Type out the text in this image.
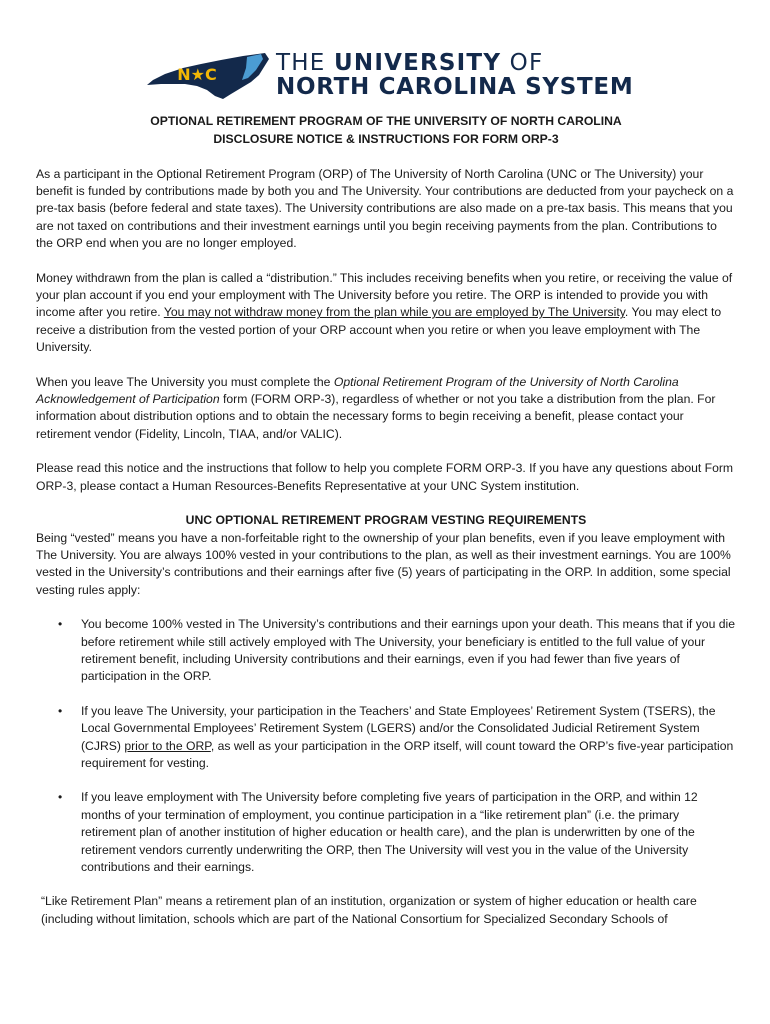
N★C	THE UNIVERSITY OF
NORTH CAROLINA SYSTEM

OPTIONAL RETIREMENT PROGRAM OF THE UNIVERSITY OF NORTH CAROLINA

DISCLOSURE NOTICE & INSTRUCTIONS FOR FORM ORP-3

As a participant in the Optional Retirement Program (ORP) of The University of North Carolina (UNC or The University) your benefit is funded by contributions made by both you and The University. Your contributions are deducted from your paycheck on a pre-tax basis (before federal and state taxes). The University contributions are also made on a pre-tax basis. This means that you are not taxed on contributions and their investment earnings until you begin receiving payments from the plan. Contributions to the ORP end when you are no longer employed.

Money withdrawn from the plan is called a “distribution.” This includes receiving benefits when you retire, or receiving the value of your plan account if you end your employment with The University before you retire. The ORP is intended to provide you with income after you retire. You may not withdraw money from the plan while you are employed by The University. You may elect to receive a distribution from the vested portion of your ORP account when you retire or when you leave employment with The University.

When you leave The University you must complete the Optional Retirement Program of the University of North Carolina Acknowledgement of Participation form (FORM ORP-3), regardless of whether or not you take a distribution from the plan. For information about distribution options and to obtain the necessary forms to begin receiving a benefit, please contact your retirement vendor (Fidelity, Lincoln, TIAA, and/or VALIC).

Please read this notice and the instructions that follow to help you complete FORM ORP-3. If you have any questions about Form ORP-3, please contact a Human Resources-Benefits Representative at your UNC System institution.

UNC OPTIONAL RETIREMENT PROGRAM VESTING REQUIREMENTS

Being “vested” means you have a non-forfeitable right to the ownership of your plan benefits, even if you leave employment with The University. You are always 100% vested in your contributions to the plan, as well as their investment earnings. You are 100% vested in the University’s contributions and their earnings after five (5) years of participating in the ORP. In addition, some special vesting rules apply:

• You become 100% vested in The University’s contributions and their earnings upon your death. This means that if you die before retirement while still actively employed with The University, your beneficiary is entitled to the full value of your retirement benefit, including University contributions and their earnings, even if you had fewer than five years of participation in the ORP.
• If you leave The University, your participation in the Teachers’ and State Employees’ Retirement System (TSERS), the Local Governmental Employees’ Retirement System (LGERS) and/or the Consolidated Judicial Retirement System (CJRS) prior to the ORP, as well as your participation in the ORP itself, will count toward the ORP’s five-year participation requirement for vesting.
• If you leave employment with The University before completing five years of participation in the ORP, and within 12 months of your termination of employment, you continue participation in a “like retirement plan” (i.e. the primary retirement plan of another institution of higher education or health care), and the plan is underwritten by one of the retirement vendors currently underwriting the ORP, then The University will vest you in the value of the University contributions and their earnings.

“Like Retirement Plan” means a retirement plan of an institution, organization or system of higher education or health care (including without limitation, schools which are part of the National Consortium for Specialized Secondary Schools of
